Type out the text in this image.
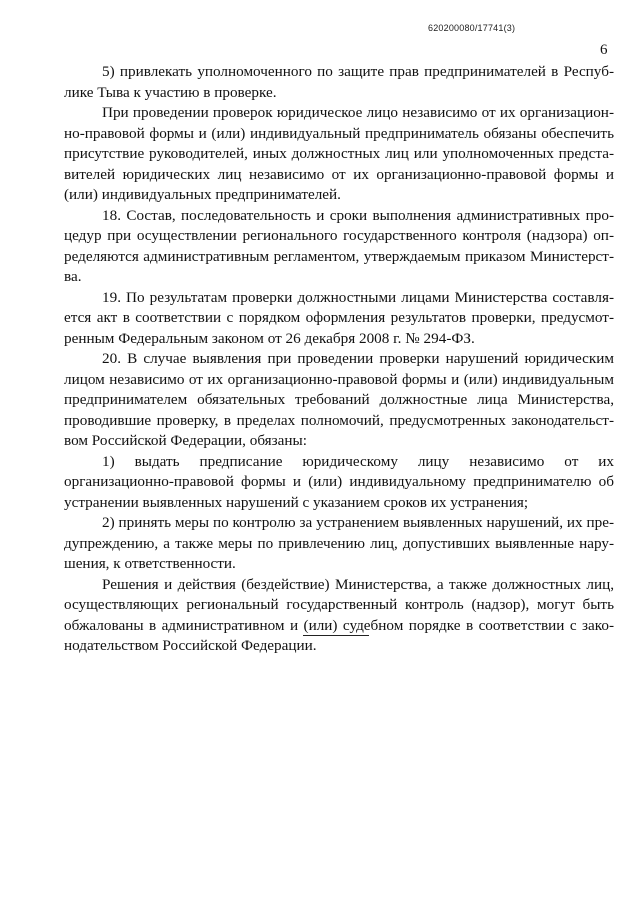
620200080/17741(3)
6

5) привлекать уполномоченного по защите прав предпринимателей в Республике Тыва к участию в проверке.

При проведении проверок юридическое лицо независимо от их организационно-правовой формы и (или) индивидуальный предприниматель обязаны обеспечить присутствие руководителей, иных должностных лиц или уполномоченных представителей юридических лиц независимо от их организационно-правовой формы и (или) индивидуальных предпринимателей.

18. Состав, последовательность и сроки выполнения административных процедур при осуществлении регионального государственного контроля (надзора) определяются административным регламентом, утверждаемым приказом Министерства.

19. По результатам проверки должностными лицами Министерства составляется акт в соответствии с порядком оформления результатов проверки, предусмотренным Федеральным законом от 26 декабря 2008 г. № 294-ФЗ.

20. В случае выявления при проведении проверки нарушений юридическим лицом независимо от их организационно-правовой формы и (или) индивидуальным предпринимателем обязательных требований должностные лица Министерства, проводившие проверку, в пределах полномочий, предусмотренных законодательством Российской Федерации, обязаны:

1) выдать предписание юридическому лицу независимо от их организационно-правовой формы и (или) индивидуальному предпринимателю об устранении выявленных нарушений с указанием сроков их устранения;

2) принять меры по контролю за устранением выявленных нарушений, их предупреждению, а также меры по привлечению лиц, допустивших выявленные нарушения, к ответственности.

Решения и действия (бездействие) Министерства, а также должностных лиц, осуществляющих региональный государственный контроль (надзор), могут быть обжалованы в административном и (или) судебном порядке в соответствии с законодательством Российской Федерации.
